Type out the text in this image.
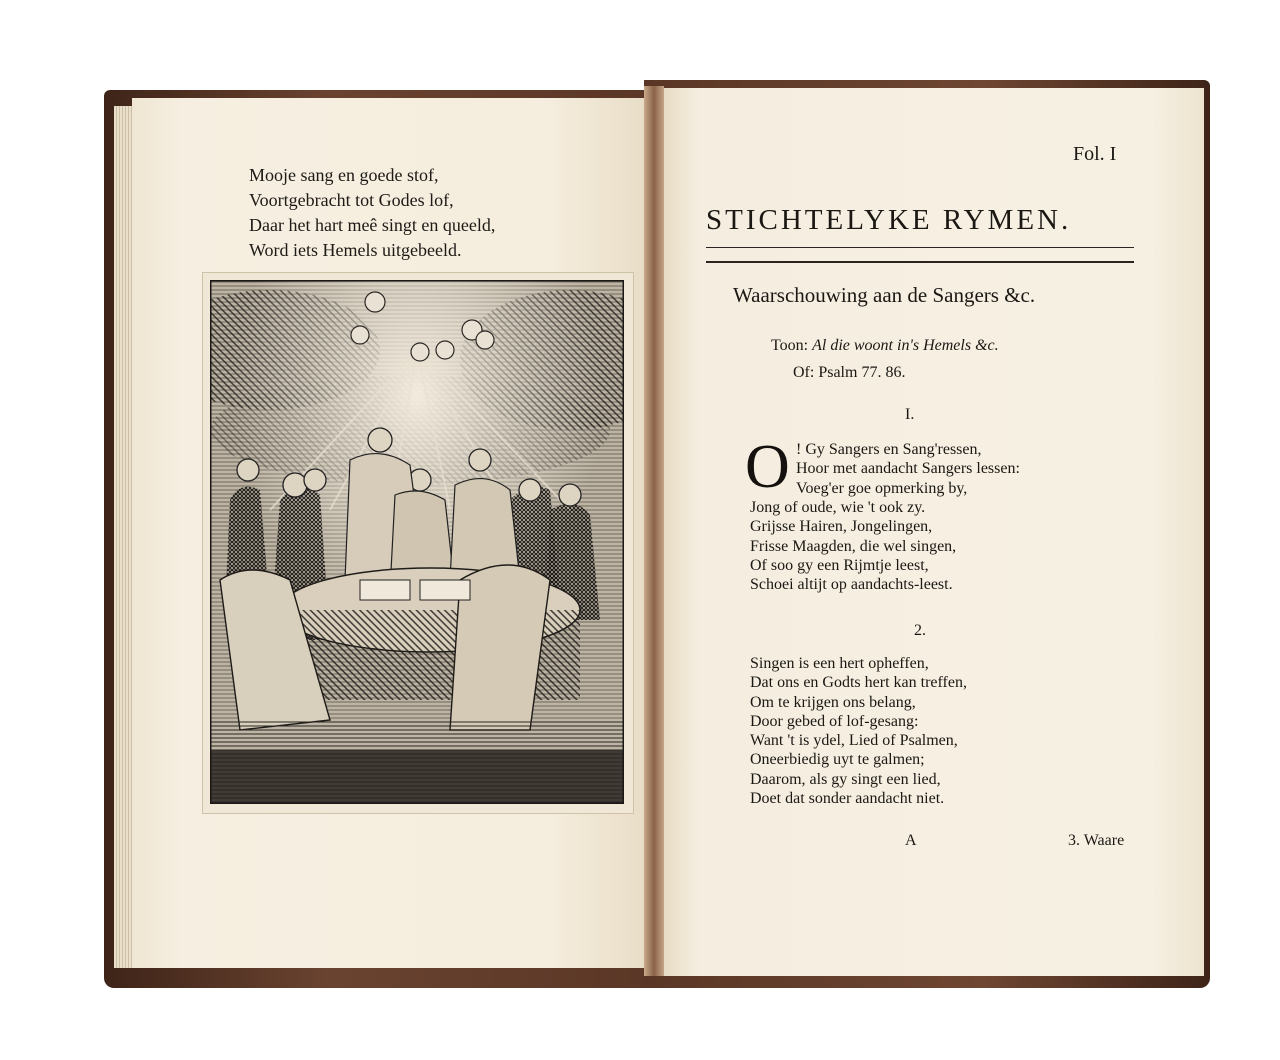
Mooje sang en goede stof,
Voortgebracht tot Godes lof,
Daar het hart meê singt en queeld,
Word iets Hemels uitgebeeld.
Fol. I
STICHTELYKE RYMEN.
Waarschouwing aan de Sangers &c.
Toon: Al die woont in's Hemels &c.
Of: Psalm 77. 86.
I.
O ! Gy Sangers en Sang'ressen,
Hoor met aandacht Sangers lessen:
Voeg'er goe opmerking by,
Jong of oude, wie 't ook zy.
Grijsse Hairen, Jongelingen,
Frisse Maagden, die wel singen,
Of soo gy een Rijmtje leest,
Schoei altijt op aandachts-leest.
2.
Singen is een hert opheffen,
Dat ons en Godts hert kan treffen,
Om te krijgen ons belang,
Door gebed of lof-gesang:
Want 't is ydel, Lied of Psalmen,
Oneerbiedig uyt te galmen;
Daarom, als gy singt een lied,
Doet dat sonder aandacht niet.
A	3. Waare
